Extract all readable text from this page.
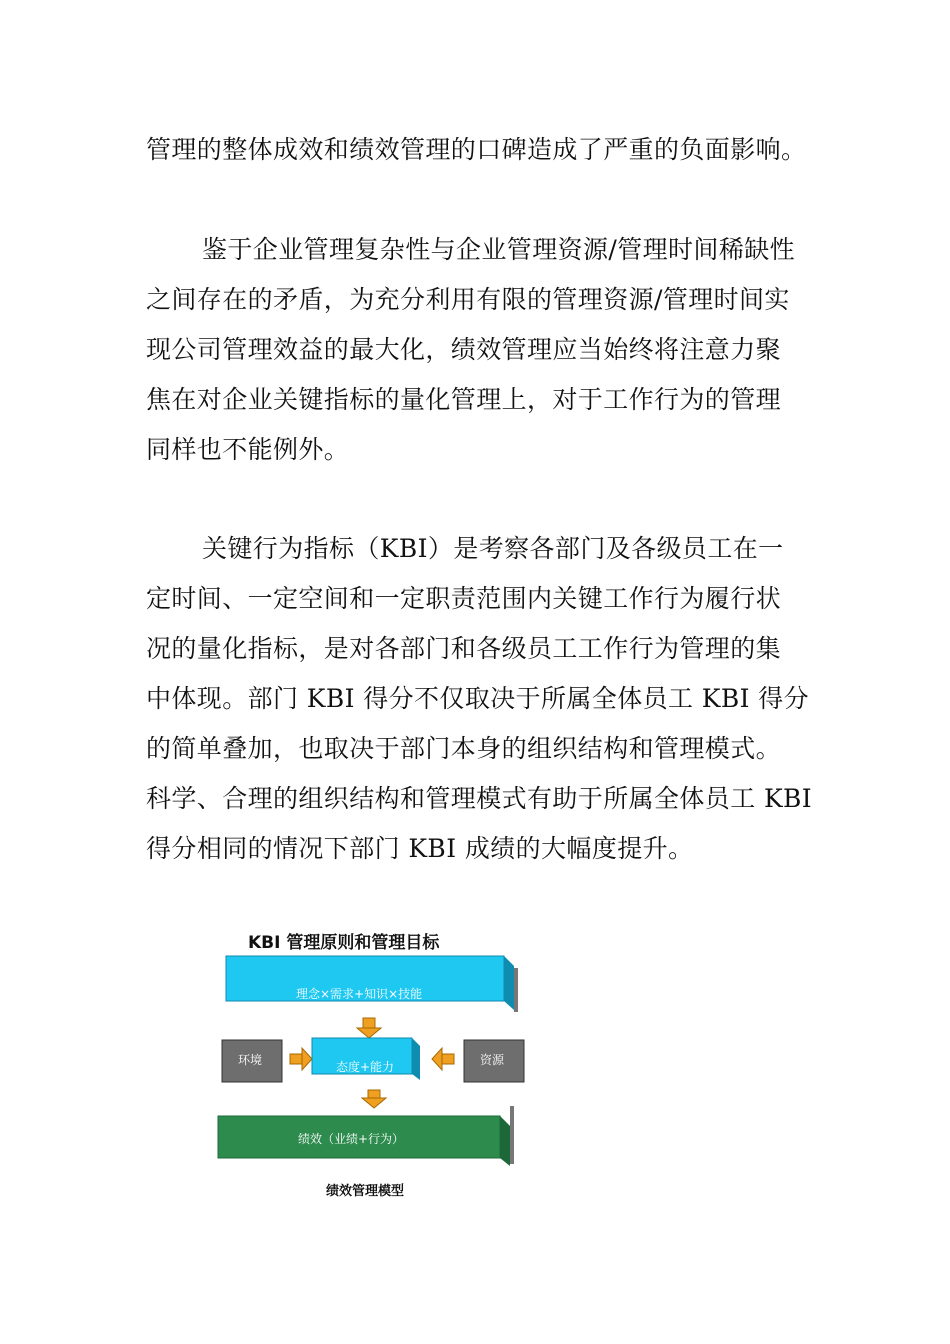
管理的整体成效和绩效管理的口碑造成了严重的负面影响。
鉴于企业管理复杂性与企业管理资源/管理时间稀缺性
之间存在的矛盾，为充分利用有限的管理资源/管理时间实
现公司管理效益的最大化，绩效管理应当始终将注意力聚
焦在对企业关键指标的量化管理上，对于工作行为的管理
同样也不能例外。
关键行为指标（KBI）是考察各部门及各级员工在一
定时间、一定空间和一定职责范围内关键工作行为履行状
况的量化指标，是对各部门和各级员工工作行为管理的集
中体现。部门 KBI 得分不仅取决于所属全体员工 KBI 得分
的简单叠加，也取决于部门本身的组织结构和管理模式。
科学、合理的组织结构和管理模式有助于所属全体员工 KBI
得分相同的情况下部门 KBI 成绩的大幅度提升。
KBI 管理原则和管理目标
理念×需求+知识×技能
环境	态度+能力	资源
绩效（业绩+行为）
绩效管理模型
